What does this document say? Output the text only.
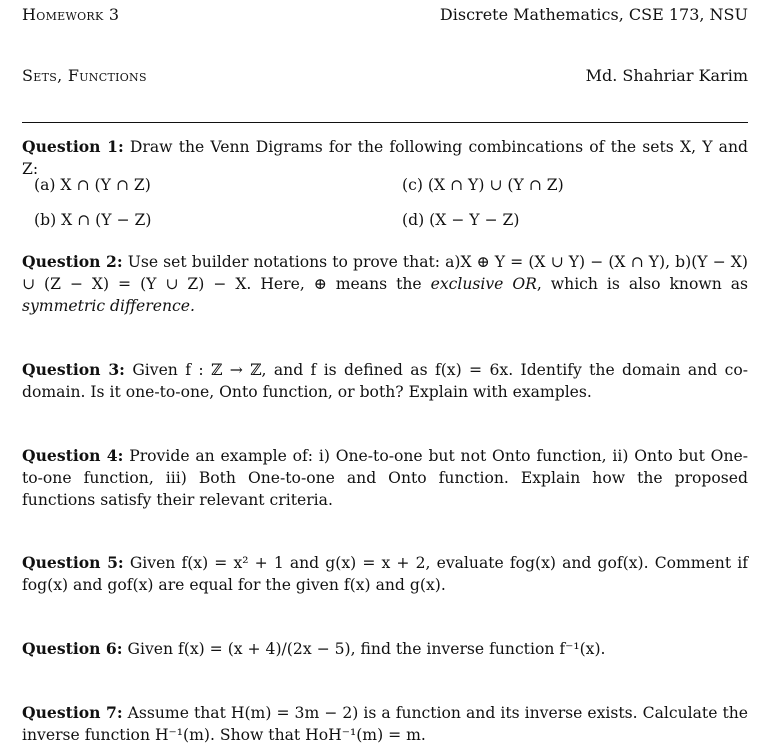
Homework 3	Discrete Mathematics, CSE 173, NSU
Sets, Functions	Md. Shahriar Karim
Question 1: Draw the Venn Digrams for the following combincations of the sets X, Y and Z:
(a) X ∩ (Y ∩ Z)	(c) (X ∩ Y) ∪ (Y ∩ Z)
(b) X ∩ (Y − Z)	(d) (X − Y − Z)
Question 2: Use set builder notations to prove that: a)X ⊕ Y = (X ∪ Y) − (X ∩ Y), b)(Y − X) ∪ (Z − X) = (Y ∪ Z) − X. Here, ⊕ means the exclusive OR, which is also known as symmetric difference.
Question 3: Given f : ℤ → ℤ, and f is defined as f(x) = 6x. Identify the domain and co-domain. Is it one-to-one, Onto function, or both? Explain with examples.
Question 4: Provide an example of: i) One-to-one but not Onto function, ii) Onto but One-to-one function, iii) Both One-to-one and Onto function. Explain how the proposed functions satisfy their relevant criteria.
Question 5: Given f(x) = x² + 1 and g(x) = x + 2, evaluate fog(x) and gof(x). Comment if fog(x) and gof(x) are equal for the given f(x) and g(x).
Question 6: Given f(x) = (x + 4)/(2x − 5), find the inverse function f⁻¹(x).
Question 7: Assume that H(m) = 3m − 2) is a function and its inverse exists. Calculate the inverse function H⁻¹(m). Show that HoH⁻¹(m) = m.
